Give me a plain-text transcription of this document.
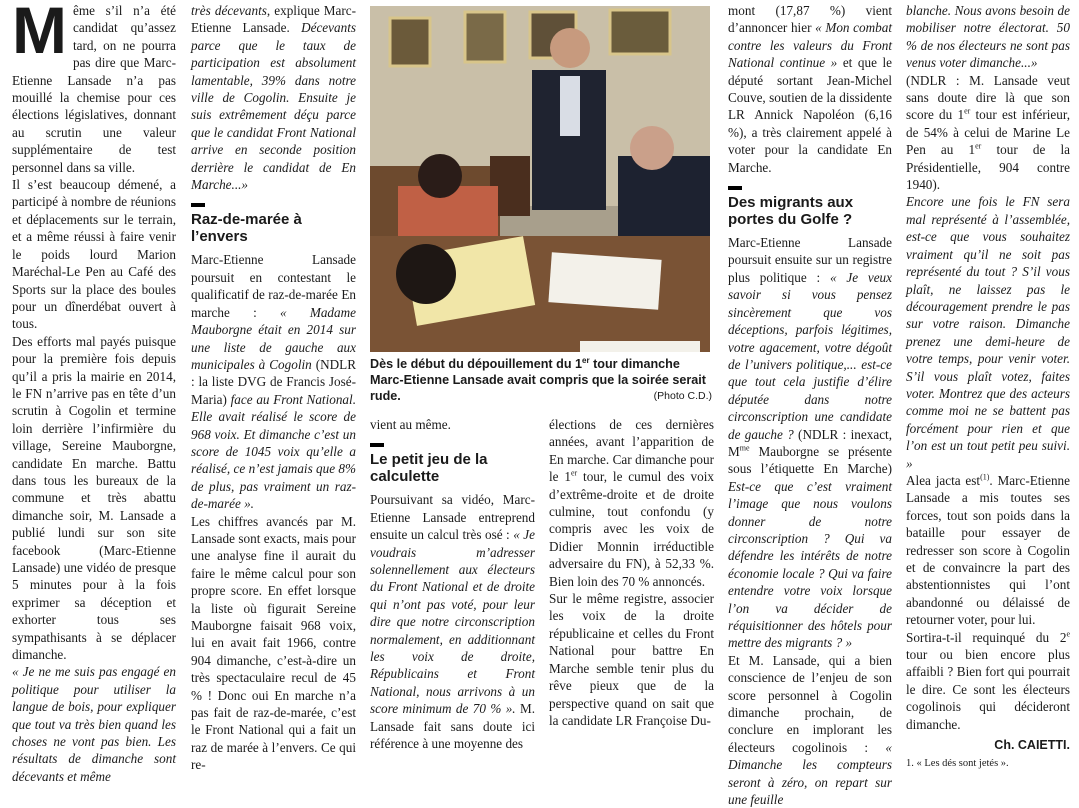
Même s’il n’a été candidat qu’assez tard, on ne pourra pas dire que Marc-Etienne Lansade n’a pas mouillé la chemise pour ces élections législatives, donnant au scrutin une valeur supplémentaire de test personnel dans sa ville.

Il s’est beaucoup démené, a participé à nombre de réunions et déplacements sur le terrain, et a même réussi à faire venir le poids lourd Marion Maréchal-Le Pen au Café des Sports sur la place des boules pour un dînerdébat ouvert à tous.

Des efforts mal payés puisque pour la première fois depuis qu’il a pris la mairie en 2014, le FN n’arrive pas en tête d’un scrutin à Cogolin et termine loin derrière l’infirmière du village, Sereine Mauborgne, candidate En marche. Battu dans tous les bureaux de la commune et très abattu dimanche soir, M. Lansade a publié lundi sur son site facebook (Marc-Etienne Lansade) une vidéo de presque 5 minutes pour à la fois exprimer sa déception et exhorter tous ses sympathisants à se déplacer dimanche.

« Je ne me suis pas engagé en politique pour utiliser la langue de bois, pour expliquer que tout va très bien quand les choses ne vont pas bien. Les résultats de dimanche sont décevants et même

très décevants, explique Marc-Etienne Lansade. Décevants parce que le taux de participation est absolument lamentable, 39% dans notre ville de Cogolin. Ensuite je suis extrêmement déçu parce que le candidat Front National arrive en seconde position derrière le candidat de En Marche...»

Raz-de-marée à l’envers

Marc-Etienne Lansade poursuit en contestant le qualificatif de raz-de-marée En marche : « Madame Mauborgne était en 2014 sur une liste de gauche aux municipales à Cogolin (NDLR : la liste DVG de Francis José-Maria) face au Front National. Elle avait réalisé le score de 968 voix. Et dimanche c’est un score de 1045 voix qu’elle a réalisé, ce n’est jamais que 8% de plus, pas vraiment un raz-de-marée ».

Les chiffres avancés par M. Lansade sont exacts, mais pour une analyse fine il aurait du faire le même calcul pour son propre score. En effet lorsque la liste où figurait Sereine Mauborgne faisait 968 voix, lui en avait fait 1966, contre 904 dimanche, c’est-à-dire un très spectaculaire recul de 45 % ! Donc oui En marche n’a pas fait de raz-de-marée, c’est le Front National qui a fait un raz de marée à l’envers. Ce qui re-

Dès le début du dépouillement du 1er tour dimanche Marc-Etienne Lansade avait compris que la soirée serait rude.	(Photo C.D.)

vient au même.

Le petit jeu de la calculette

Poursuivant sa vidéo, Marc-Etienne Lansade entreprend ensuite un calcul très osé : « Je voudrais m’adresser solennellement aux électeurs du Front National et de droite qui n’ont pas voté, pour leur dire que notre circonscription normalement, en additionnant les voix de droite, Républicains et Front National, nous arrivons à un score minimum de 70 % ». M. Lansade fait sans doute ici référence à une moyenne des

élections de ces dernières années, avant l’apparition de En marche. Car dimanche pour le 1er tour, le cumul des voix d’extrême-droite et de droite culmine, tout confondu (y compris avec les voix de Didier Monnin irréductible adversaire du FN), à 52,33 %. Bien loin des 70 % annoncés.

Sur le même registre, associer les voix de la droite républicaine et celles du Front National pour battre En Marche semble tenir plus du rêve pieux que de la perspective quand on sait que la candidate LR Françoise Du-

mont (17,87 %) vient d’annoncer hier « Mon combat contre les valeurs du Front National continue » et que le député sortant Jean-Michel Couve, soutien de la dissidente LR Annick Napoléon (6,16 %), a très clairement appelé à voter pour la candidate En Marche.

Des migrants aux portes du Golfe ?

Marc-Etienne Lansade poursuit ensuite sur un registre plus politique : « Je veux savoir si vous pensez sincèrement que vos déceptions, parfois légitimes, votre agacement, votre dégoût de l’univers politique,... est-ce que tout cela justifie d’élire députée dans notre circonscription une candidate de gauche ? (NDLR : inexact, $M^{me}$ Mauborgne se présente sous l’étiquette En Marche) Est-ce que c’est vraiment l’image que nous voulons donner de notre circonscription ? Qui va défendre les intérêts de notre économie locale ? Qui va faire entendre votre voix lorsque l’on va décider de réquisitionner des hôtels pour mettre des migrants ? »

Et M. Lansade, qui a bien conscience de l’enjeu de son score personnel à Cogolin dimanche prochain, de conclure en implorant les électeurs cogolinois : « Dimanche les compteurs seront à zéro, on repart sur une feuille

blanche. Nous avons besoin de mobiliser notre électorat. 50 % de nos électeurs ne sont pas venus voter dimanche...»

(NDLR : M. Lansade veut sans doute dire là que son score du 1er tour est inférieur, de 54% à celui de Marine Le Pen au 1er tour de la Présidentielle, 904 contre 1940).

Encore une fois le FN sera mal représenté à l’assemblée, est-ce que vous souhaitez vraiment qu’il ne soit pas représenté du tout ? S’il vous plaît, ne laissez pas le découragement prendre le pas sur votre raison. Dimanche prenez une demi-heure de votre temps, pour venir voter. S’il vous plaît votez, faites voter. Montrez que des acteurs comme moi ne se battent pas forcément pour rien et que l’on est un tout petit peu suivi. »

Alea jacta est$^{(1)}$. Marc-Etienne Lansade a mis toutes ses forces, tout son poids dans la bataille pour essayer de redresser son score à Cogolin et de convaincre la part des abstentionnistes qui l’ont abandonné ou délaissé de retourner voter, pour lui.

Sortira-t-il requinqué du 2e tour ou bien encore plus affaibli ? Bien fort qui pourrait le dire. Ce sont les électeurs cogolinois qui décideront dimanche.

Ch. CAIETTI.
1. « Les dés sont jetés ».
